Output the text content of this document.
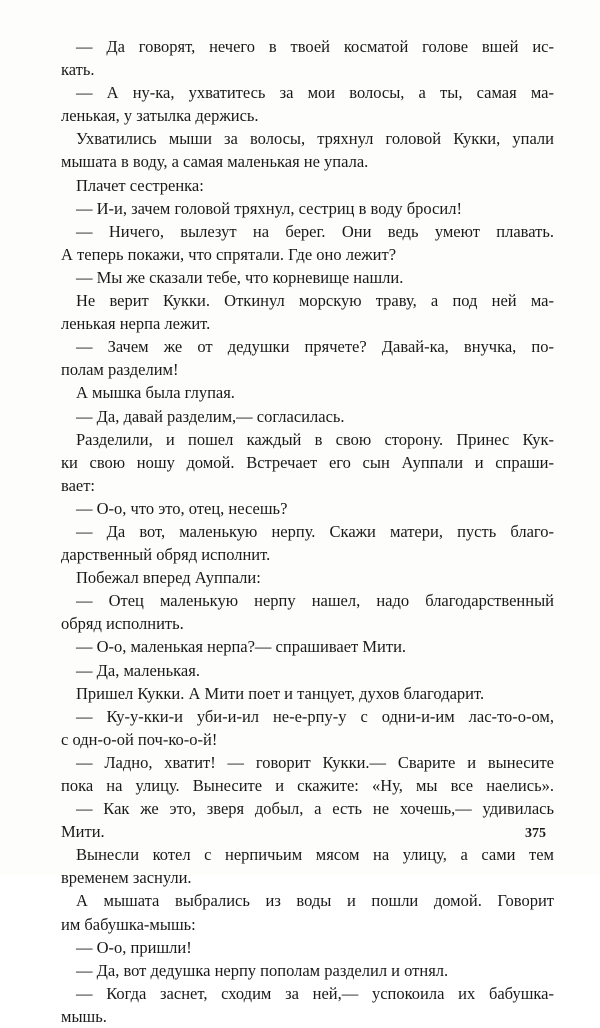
— Да говорят, нечего в твоей косматой голове вшей ис-
кать.
— А ну-ка, ухватитесь за мои волосы, а ты, самая ма-
ленькая, у затылка держись.
Ухватились мыши за волосы, тряхнул головой Кукки, упали
мышата в воду, а самая маленькая не упала.
Плачет сестренка:
— И-и, зачем головой тряхнул, сестриц в воду бросил!
— Ничего, вылезут на берег. Они ведь умеют плавать.
А теперь покажи, что спрятали. Где оно лежит?
— Мы же сказали тебе, что корневище нашли.
Не верит Кукки. Откинул морскую траву, а под ней ма-
ленькая нерпа лежит.
— Зачем же от дедушки прячете? Давай-ка, внучка, по-
полам разделим!
А мышка была глупая.
— Да, давай разделим,— согласилась.
Разделили, и пошел каждый в свою сторону. Принес Кук-
ки свою ношу домой. Встречает его сын Ауппали и спраши-
вает:
— О-о, что это, отец, несешь?
— Да вот, маленькую нерпу. Скажи матери, пусть благо-
дарственный обряд исполнит.
Побежал вперед Ауппали:
— Отец маленькую нерпу нашел, надо благодарственный
обряд исполнить.
— О-о, маленькая нерпа?— спрашивает Мити.
— Да, маленькая.
Пришел Кукки. А Мити поет и танцует, духов благодарит.
— Ку-у-кки-и уби-и-ил не-е-рпу-у с одни-и-им лас-то-о-ом,
с одн-о-ой поч-ко-о-й!
— Ладно, хватит! — говорит Кукки.— Сварите и вынесите
пока на улицу. Вынесите и скажите: «Ну, мы все наелись».
— Как же это, зверя добыл, а есть не хочешь,— удивилась
Мити.
Вынесли котел с нерпичьим мясом на улицу, а сами тем
временем заснули.
А мышата выбрались из воды и пошли домой. Говорит
им бабушка-мышь:
— О-о, пришли!
— Да, вот дедушка нерпу пополам разделил и отнял.
— Когда заснет, сходим за ней,— успокоила их бабушка-
мышь.
375
